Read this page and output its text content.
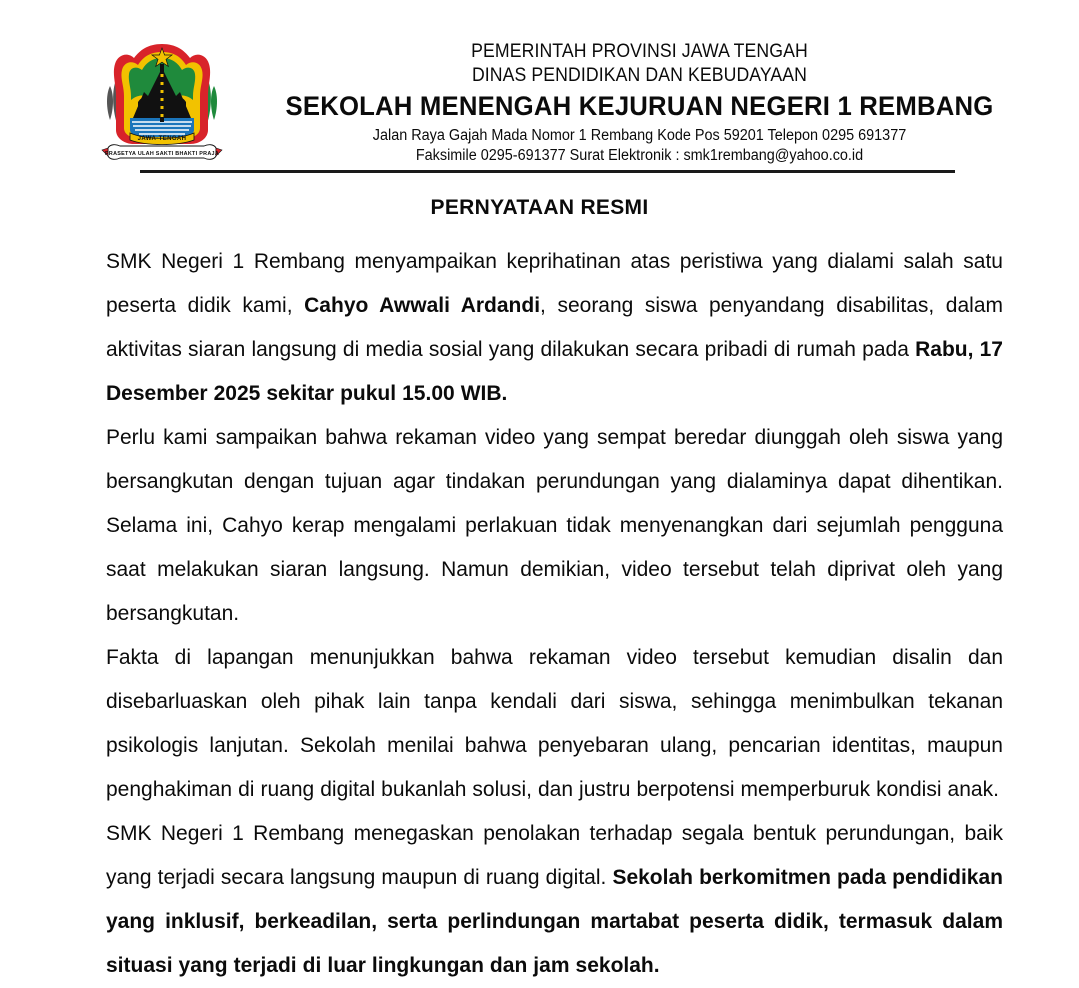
JAWA-TENGAH
PRASETYA ULAH SAKTI BHAKTI PRAJA
PEMERINTAH PROVINSI JAWA TENGAH
DINAS PENDIDIKAN DAN KEBUDAYAAN
SEKOLAH MENENGAH KEJURUAN NEGERI 1 REMBANG
Jalan Raya Gajah Mada Nomor 1 Rembang Kode Pos 59201 Telepon 0295 691377
Faksimile 0295-691377 Surat Elektronik : smk1rembang@yahoo.co.id
PERNYATAAN RESMI

SMK Negeri 1 Rembang menyampaikan keprihatinan atas peristiwa yang dialami salah satu peserta didik kami, Cahyo Awwali Ardandi, seorang siswa penyandang disabilitas, dalam aktivitas siaran langsung di media sosial yang dilakukan secara pribadi di rumah pada Rabu, 17 Desember 2025 sekitar pukul 15.00 WIB.

Perlu kami sampaikan bahwa rekaman video yang sempat beredar diunggah oleh siswa yang bersangkutan dengan tujuan agar tindakan perundungan yang dialaminya dapat dihentikan. Selama ini, Cahyo kerap mengalami perlakuan tidak menyenangkan dari sejumlah pengguna saat melakukan siaran langsung. Namun demikian, video tersebut telah diprivat oleh yang bersangkutan.

Fakta di lapangan menunjukkan bahwa rekaman video tersebut kemudian disalin dan disebarluaskan oleh pihak lain tanpa kendali dari siswa, sehingga menimbulkan tekanan psikologis lanjutan. Sekolah menilai bahwa penyebaran ulang, pencarian identitas, maupun penghakiman di ruang digital bukanlah solusi, dan justru berpotensi memperburuk kondisi anak.

SMK Negeri 1 Rembang menegaskan penolakan terhadap segala bentuk perundungan, baik yang terjadi secara langsung maupun di ruang digital. Sekolah berkomitmen pada pendidikan yang inklusif, berkeadilan, serta perlindungan martabat peserta didik, termasuk dalam situasi yang terjadi di luar lingkungan dan jam sekolah.
